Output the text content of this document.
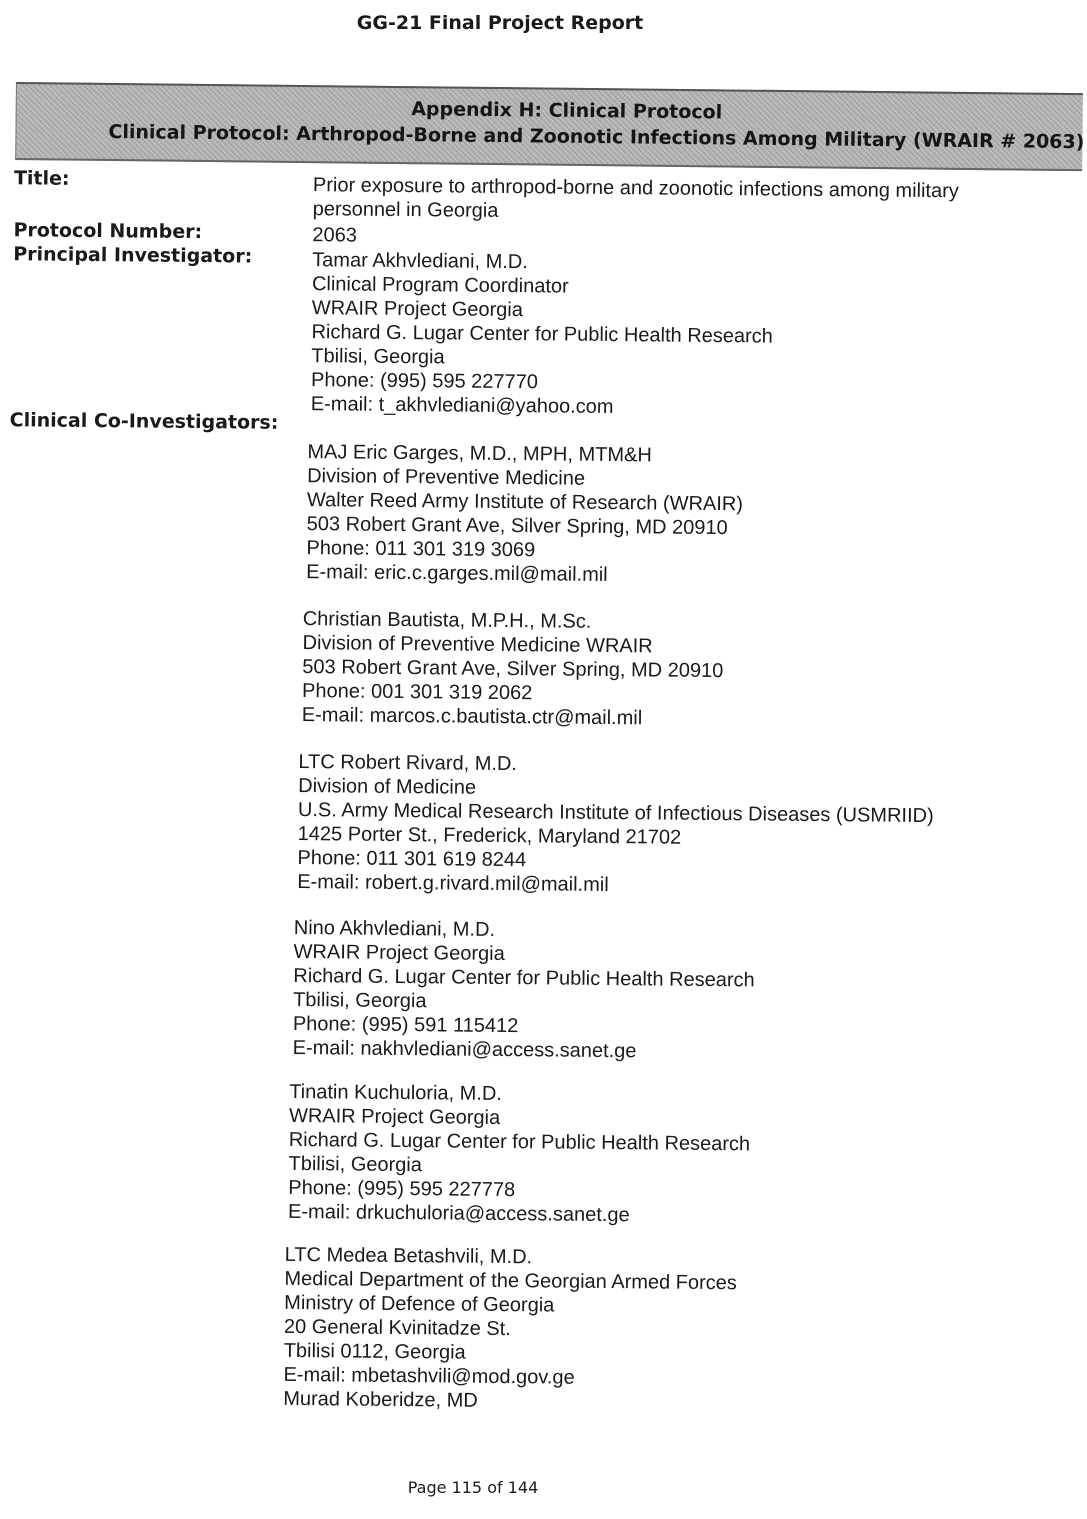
GG-21 Final Project Report
Appendix H: Clinical Protocol
Clinical Protocol: Arthropod-Borne and Zoonotic Infections Among Military (WRAIR # 2063)
Title:
Protocol Number:
Principal Investigator:
Clinical Co-Investigators:
Prior exposure to arthropod-borne and zoonotic infections among military
personnel in Georgia
2063
Tamar Akhvlediani, M.D.
Clinical Program Coordinator
WRAIR Project Georgia
Richard G. Lugar Center for Public Health Research
Tbilisi, Georgia
Phone: (995) 595 227770
E-mail: t_akhvlediani@yahoo.com
MAJ Eric Garges, M.D., MPH, MTM&H
Division of Preventive Medicine
Walter Reed Army Institute of Research (WRAIR)
503 Robert Grant Ave, Silver Spring, MD 20910
Phone: 011 301 319 3069
E-mail: eric.c.garges.mil@mail.mil
Christian Bautista, M.P.H., M.Sc.
Division of Preventive Medicine WRAIR
503 Robert Grant Ave, Silver Spring, MD 20910
Phone: 001 301 319 2062
E-mail: marcos.c.bautista.ctr@mail.mil
LTC Robert Rivard, M.D.
Division of Medicine
U.S. Army Medical Research Institute of Infectious Diseases (USMRIID)
1425 Porter St., Frederick, Maryland 21702
Phone: 011 301 619 8244
E-mail: robert.g.rivard.mil@mail.mil
Nino Akhvlediani, M.D.
WRAIR Project Georgia
Richard G. Lugar Center for Public Health Research
Tbilisi, Georgia
Phone: (995) 591 115412
E-mail: nakhvlediani@access.sanet.ge
Tinatin Kuchuloria, M.D.
WRAIR Project Georgia
Richard G. Lugar Center for Public Health Research
Tbilisi, Georgia
Phone: (995) 595 227778
E-mail: drkuchuloria@access.sanet.ge
LTC Medea Betashvili, M.D.
Medical Department of the Georgian Armed Forces
Ministry of Defence of Georgia
20 General Kvinitadze St.
Tbilisi 0112, Georgia
E-mail: mbetashvili@mod.gov.ge
Murad Koberidze, MD
Page 115 of 144
